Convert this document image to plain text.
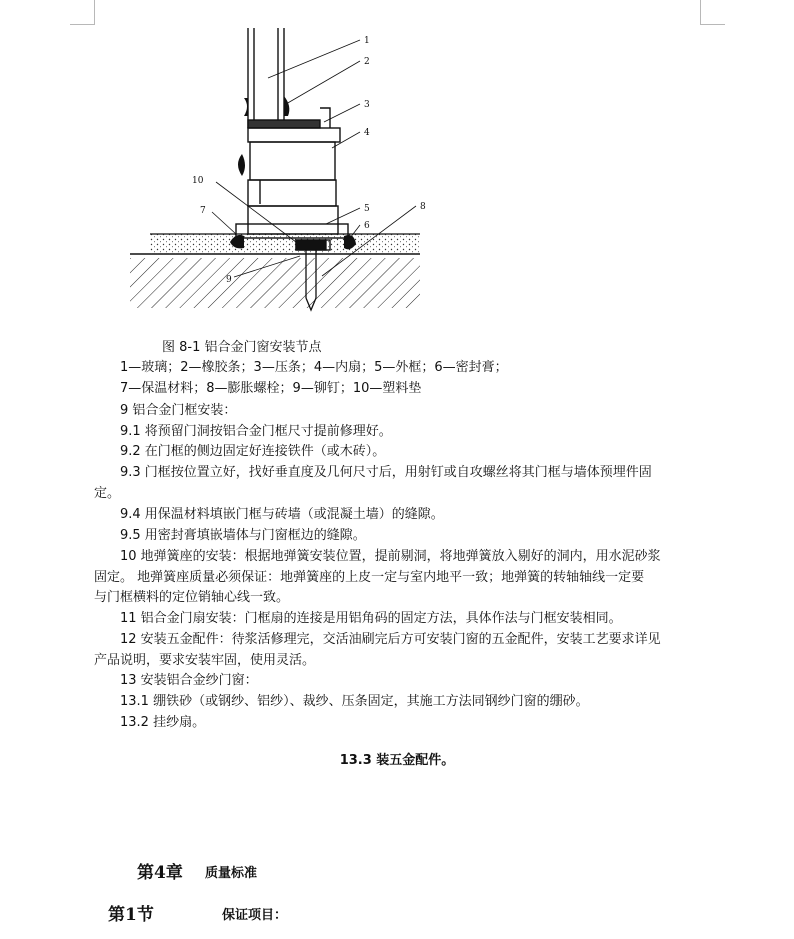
1
2
3
4
5
6
7	8
9
10
图 8-1 铝合金门窗安装节点
1—玻璃；2—橡胶条；3—压条；4—内扇；5—外框；6—密封膏；
7—保温材料；8—膨胀螺栓；9—铆钉；10—塑料垫
9 铝合金门框安装：
9.1 将预留门洞按铝合金门框尺寸提前修理好。
9.2 在门框的侧边固定好连接铁件（或木砖）。
9.3 门框按位置立好，找好垂直度及几何尺寸后，用射钉或自攻螺丝将其门框与墙体预埋件固
定。
9.4 用保温材料填嵌门框与砖墙（或混凝土墙）的缝隙。
9.5 用密封膏填嵌墙体与门窗框边的缝隙。
10 地弹簧座的安装：根据地弹簧安装位置，提前剔洞，将地弹簧放入剔好的洞内，用水泥砂浆
固定。 地弹簧座质量必须保证：地弹簧座的上皮一定与室内地平一致；地弹簧的转轴轴线一定要
与门框横料的定位销轴心线一致。
11 铝合金门扇安装：门框扇的连接是用铝角码的固定方法，具体作法与门框安装相同。
12 安装五金配件：待浆活修理完，交活油刷完后方可安装门窗的五金配件，安装工艺要求详见
产品说明，要求安装牢固，使用灵活。
13 安装铝合金纱门窗：
13.1 绷铁砂（或钢纱、铝纱）、裁纱、压条固定，其施工方法同钢纱门窗的绷砂。
13.2 挂纱扇。
13.3 装五金配件。
第4章 质量标准
第1节	保证项目：
